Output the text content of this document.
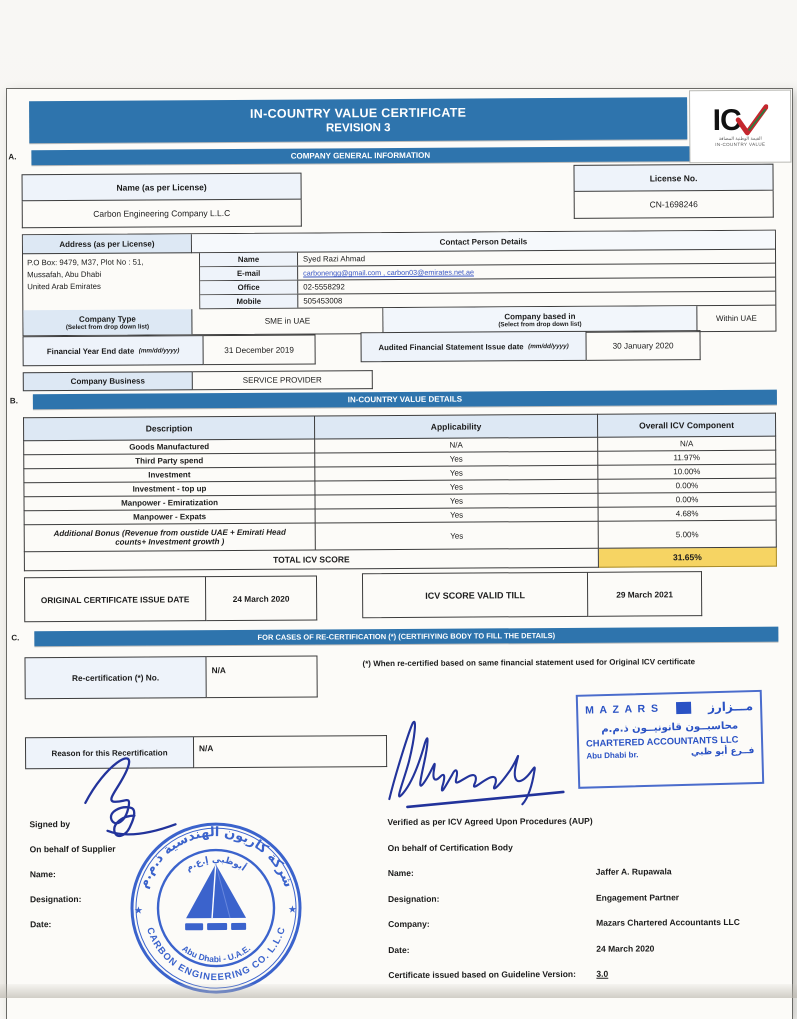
IN-COUNTRY VALUE CERTIFICATE
REVISION 3	IC
القيمة الوطنية المضافة
IN-COUNTRY VALUE
A.	COMPANY GENERAL INFORMATION
Name (as per License)
Carbon Engineering Company L.L.C
License No.
CN-1698246
Address (as per License)	Contact Person Details
P.O Box: 9479, M37, Plot No : 51,
Mussafah, Abu Dhabi
United Arab Emirates
Name	Syed Razi Ahmad
E-mail	carbonengg@gmail.com , carbon03@emirates.net.ae
Office	02-5558292
Mobile	505453008
Company Type
(Select from drop down list)
SME in UAE
Company based in
(Select from drop down list)
Within UAE
Financial Year End date
(mm/dd/yyyy)	31 December 2019	Audited Financial Statement Issue date
(mm/dd/yyyy)	30 January 2020
Company Business	SERVICE PROVIDER
B.	IN-COUNTRY VALUE DETAILS
Description	Applicability	Overall ICV Component
Goods Manufactured	N/A	N/A
Third Party spend	Yes	11.97%
Investment	Yes	10.00%
Investment - top up	Yes	0.00%
Manpower - Emiratization	Yes	0.00%
Manpower - Expats	Yes	4.68%
Additional Bonus (Revenue from oustide UAE + Emirati Head counts+ Investment growth )	Yes	5.00%
TOTAL ICV SCORE		31.65%
ORIGINAL CERTIFICATE ISSUE DATE	24 March 2020	ICV SCORE VALID TILL	29 March 2021
C.	FOR CASES OF RE-CERTIFICATION (*) (CERTIFIYING BODY TO FILL THE DETAILS)
Re-certification (*) No.
N/A
(*) When re-certified based on same financial statement used for Original ICV certificate
Reason for this Recertification	N/A
M A Z A R S	مـــزارز
محاسبــون قانونيــون ذ.م.م
CHARTERED ACCOUNTANTS LLC
Abu Dhabi br.	فــرع أبو ظبي
Signed by
On behalf of Supplier
Name:
Designation:
Date:
★	★
شركة كاربون الهندسية ذ.م.م
CARBON ENGINEERING CO. L.L.C
أبوظبي إ.ع.م
Abu Dhabi - U.A.E.
Verified as per ICV Agreed Upon Procedures (AUP)
On behalf of Certification Body
Name:	Jaffer A. Rupawala
Designation:	Engagement Partner
Company:	Mazars Chartered Accountants LLC
Date:	24 March 2020
Certificate issued based on Guideline Version:	3.0
